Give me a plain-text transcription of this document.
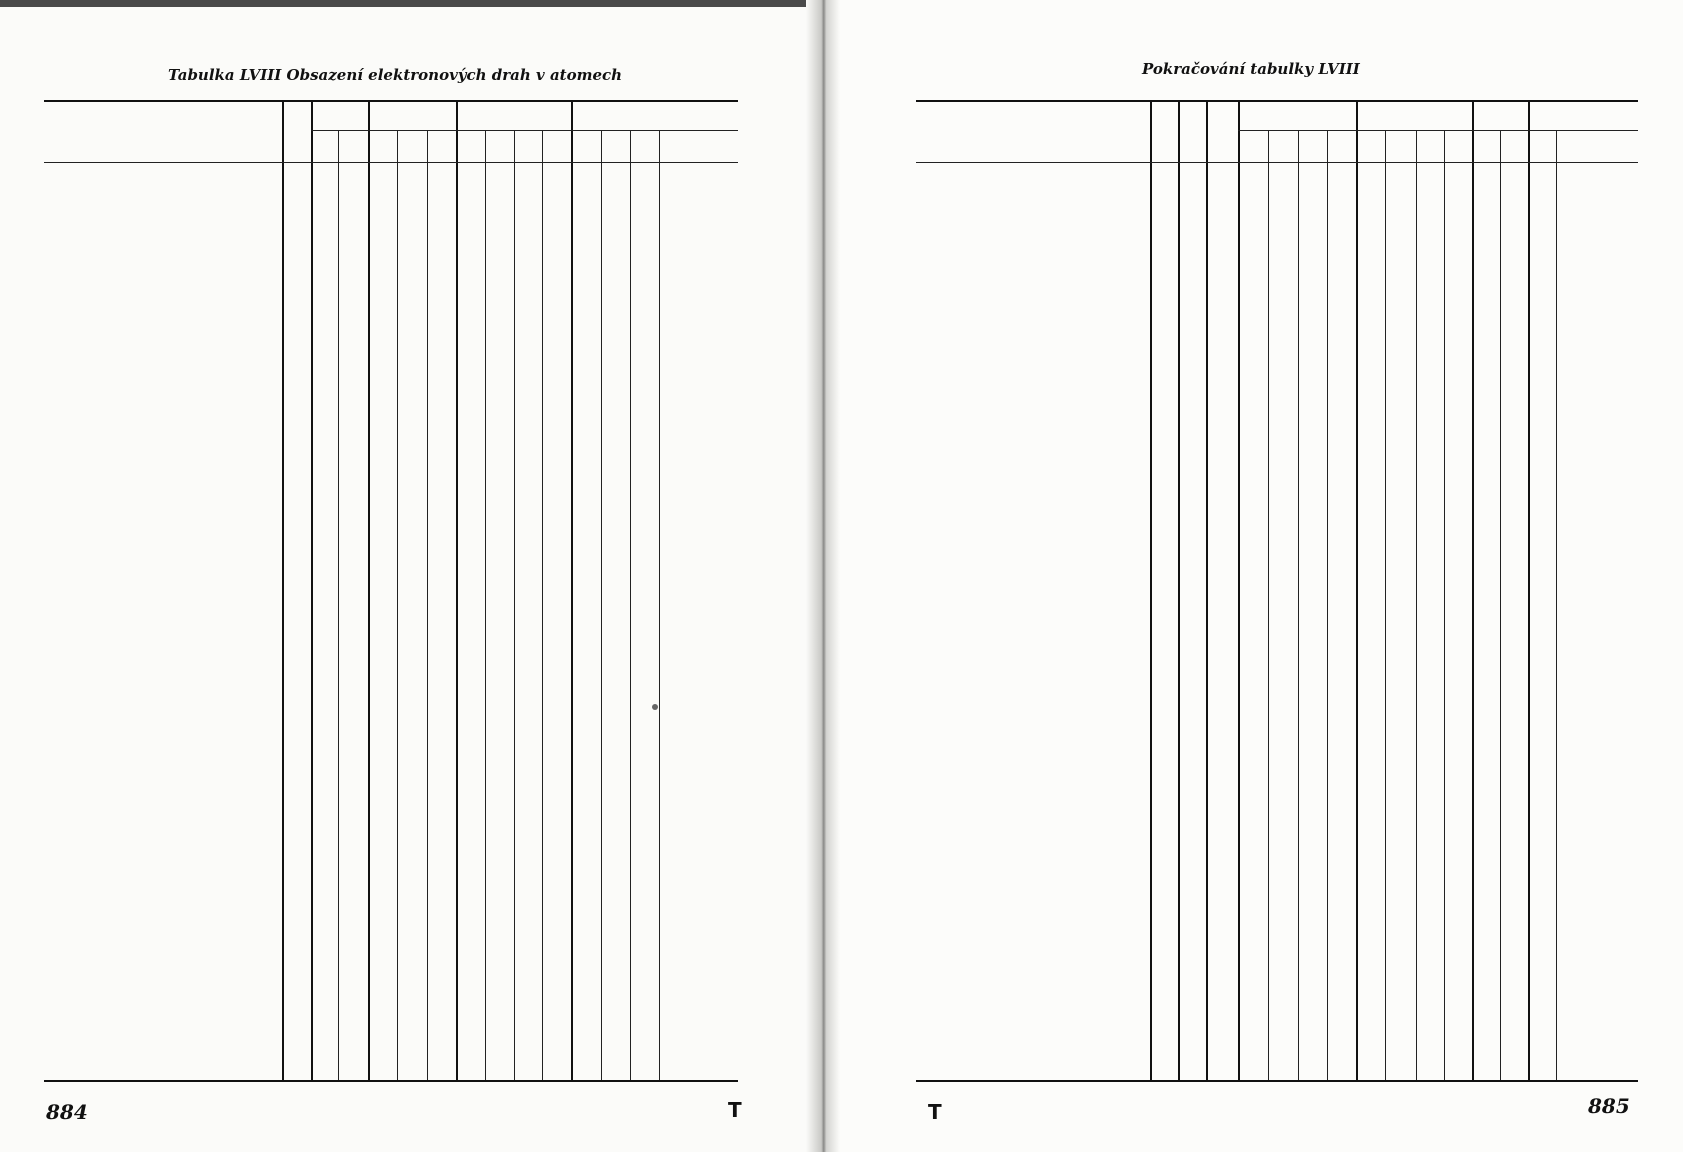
Tabulka LVIII Obsazení elektronových drah v atomech
884	T
Pokračování tabulky LVIII
T	885
